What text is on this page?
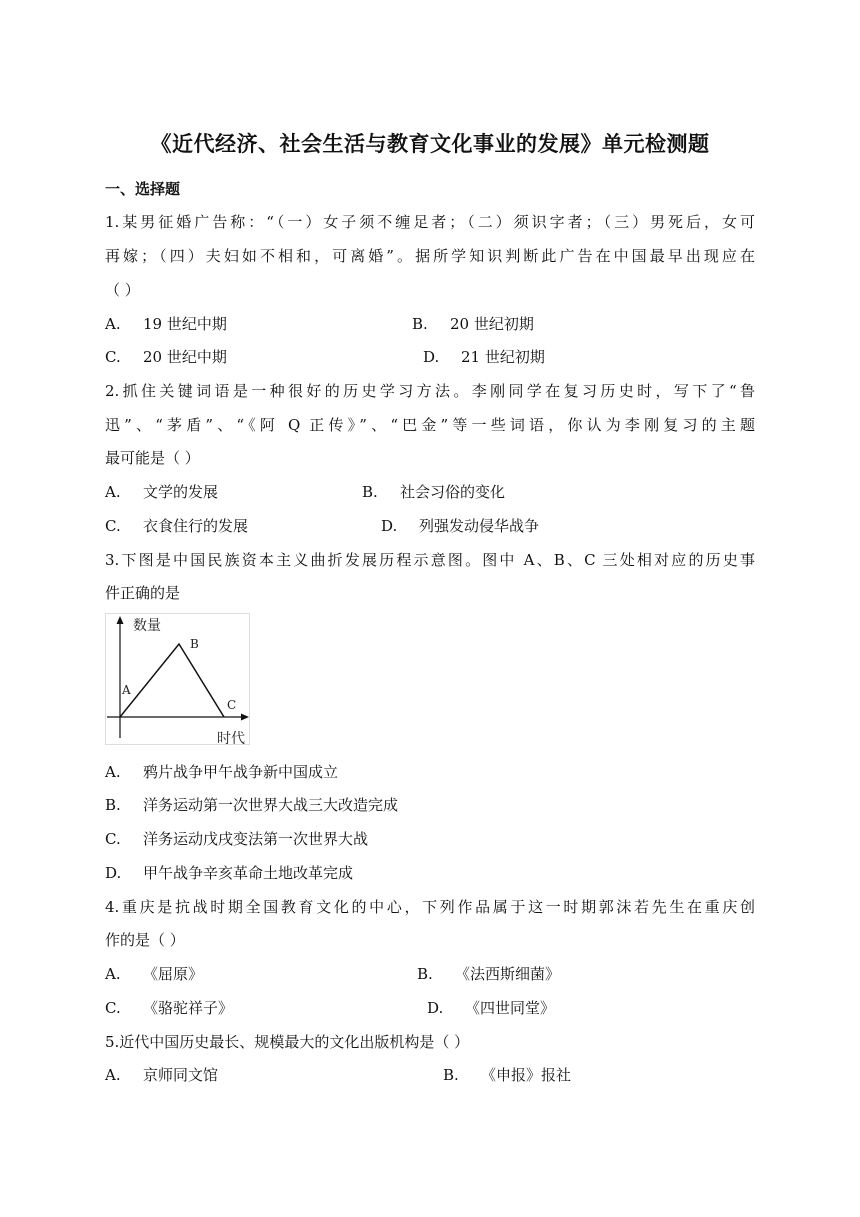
《近代经济、社会生活与教育文化事业的发展》单元检测题
一、选择题
1.某男征婚广告称：“（一）女子须不缠足者；（二）须识字者；（三）男死后，女可
再嫁；（四）夫妇如不相和，可离婚”。据所学知识判断此广告在中国最早出现应在
（ ）
A. 19 世纪中期	B. 20 世纪初期
C. 20 世纪中期	D. 21 世纪初期
2.抓住关键词语是一种很好的历史学习方法。李刚同学在复习历史时，写下了“鲁
迅”、“茅盾”、“《阿 Q 正传》”、“巴金”等一些词语，你认为李刚复习的主题
最可能是（ ）
A. 文学的发展	B. 社会习俗的变化
C. 衣食住行的发展	D. 列强发动侵华战争
3.下图是中国民族资本主义曲折发展历程示意图。图中 A、B、C 三处相对应的历史事
件正确的是
数量
时代
A
B
C
A. 鸦片战争甲午战争新中国成立
B. 洋务运动第一次世界大战三大改造完成
C. 洋务运动戊戌变法第一次世界大战
D. 甲午战争辛亥革命土地改革完成
4.重庆是抗战时期全国教育文化的中心，下列作品属于这一时期郭沫若先生在重庆创
作的是（ ）
A. 《屈原》	B. 《法西斯细菌》
C. 《骆驼祥子》	D. 《四世同堂》
5.近代中国历史最长、规模最大的文化出版机构是（ ）
A. 京师同文馆	B. 《申报》报社
